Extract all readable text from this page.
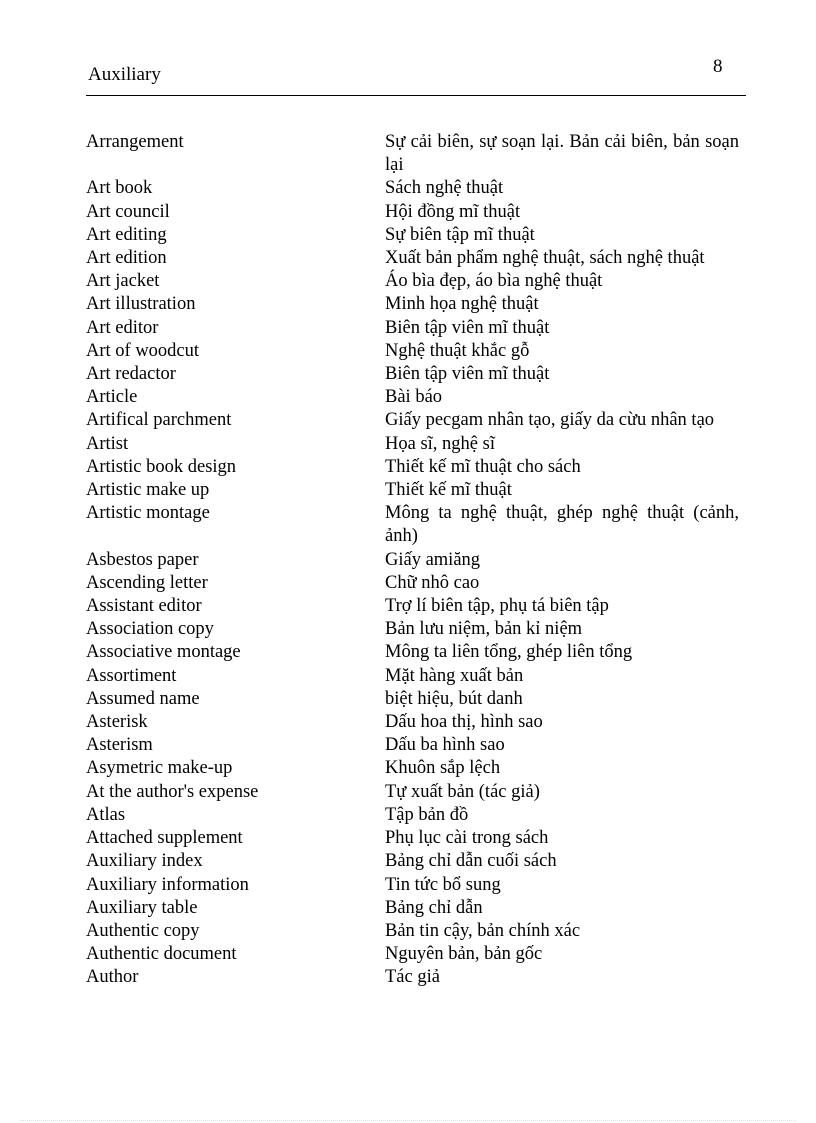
Auxiliary	8
Arrangement	Sự cải biên, sự soạn lại. Bản cải biên, bản soạn lại
Art book	Sách nghệ thuật
Art council	Hội đồng mĩ thuật
Art editing	Sự biên tập mĩ thuật
Art edition	Xuất bản phẩm nghệ thuật, sách nghệ thuật
Art jacket	Áo bìa đẹp, áo bìa nghệ thuật
Art illustration	Minh họa nghệ thuật
Art editor	Biên tập viên mĩ thuật
Art of woodcut	Nghệ thuật khắc gỗ
Art redactor	Biên tập viên mĩ thuật
Article	Bài báo
Artifical parchment	Giấy pecgam nhân tạo, giấy da cừu nhân tạo
Artist	Họa sĩ, nghệ sĩ
Artistic book design	Thiết kế mĩ thuật cho sách
Artistic make up	Thiết kế mĩ thuật
Artistic montage	Mông ta nghệ thuật, ghép nghệ thuật (cảnh, ảnh)
Asbestos paper	Giấy amiăng
Ascending letter	Chữ nhô cao
Assistant editor	Trợ lí biên tập, phụ tá biên tập
Association copy	Bản lưu niệm, bản kỉ niệm
Associative montage	Mông ta liên tổng, ghép liên tổng
Assortiment	Mặt hàng xuất bản
Assumed name	biệt hiệu, bút danh
Asterisk	Dấu hoa thị, hình sao
Asterism	Dấu ba hình sao
Asymetric make-up	Khuôn sắp lệch
At the author's expense	Tự xuất bản (tác giả)
Atlas	Tập bản đồ
Attached supplement	Phụ lục cài trong sách
Auxiliary index	Bảng chỉ dẫn cuối sách
Auxiliary information	Tin tức bổ sung
Auxiliary table	Bảng chỉ dẫn
Authentic copy	Bản tin cậy, bản chính xác
Authentic document	Nguyên bản, bản gốc
Author	Tác giả
